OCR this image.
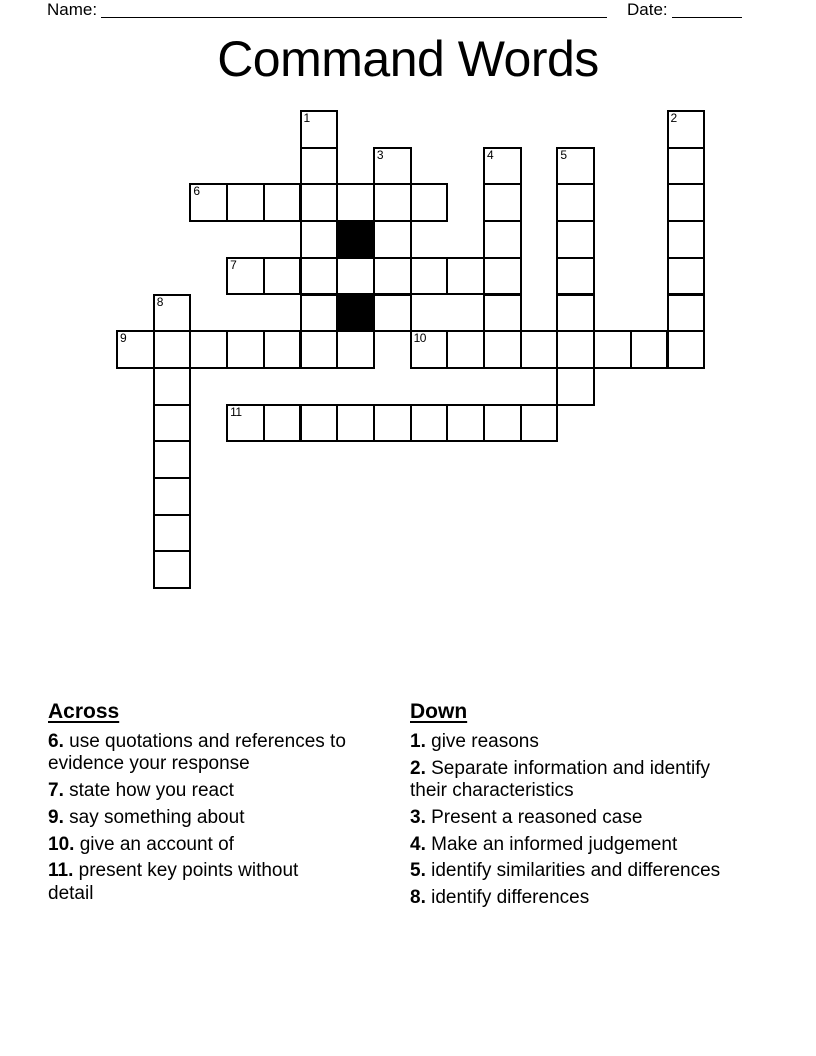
Name:	Date:
Command Words
1	2
3	4	5
6
7
8
9	10
11
Across
6. use quotations and references to evidence your response
7. state how you react
9. say something about
10. give an account of
11. present key points without detail
Down
1. give reasons
2. Separate information and identify their characteristics
3. Present a reasoned case
4. Make an informed judgement
5. identify similarities and differences
8. identify differences
